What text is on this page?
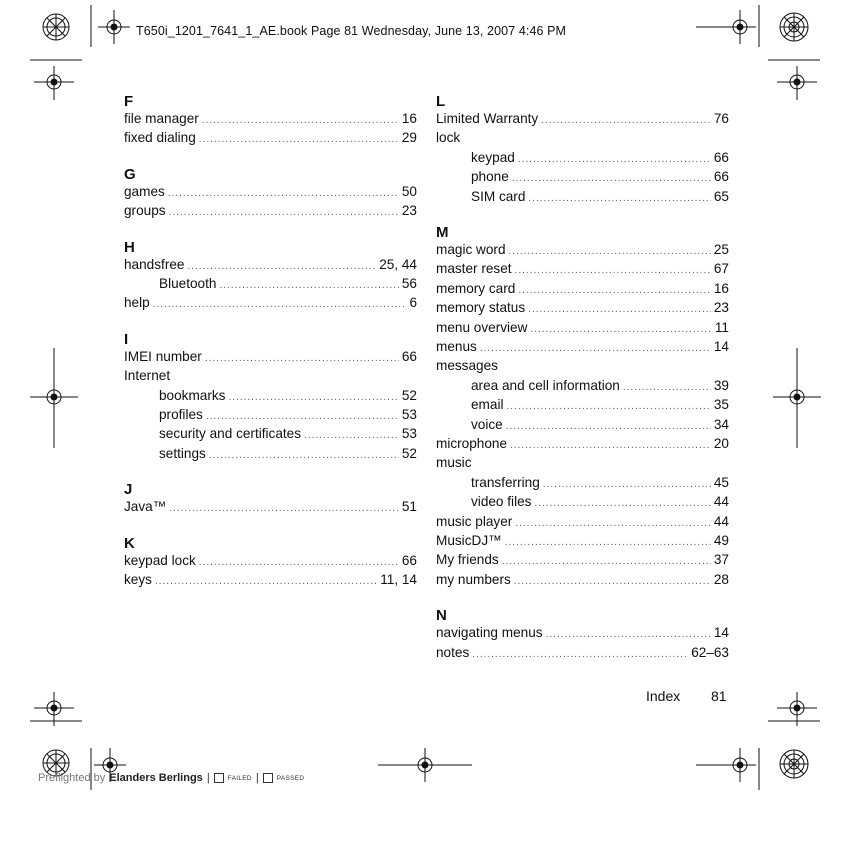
T650i_1201_7641_1_AE.book Page 81 Wednesday, June 13, 2007 4:46 PM
F
file manager .....	16
fixed dialing .....	29
G
games .....	50
groups .....	23
H
handsfree .....	25, 44
Bluetooth .....	56
help .....	6
I
IMEI number .....	66
Internet
bookmarks .....	52
profiles .....	53
security and certificates .....	53
settings .....	52
J
Java™ .....	51
K
keypad lock .....	66
keys .....	11, 14
L
Limited Warranty .....	76
lock
keypad .....	66
phone .....	66
SIM card .....	65
M
magic word .....	25
master reset .....	67
memory card .....	16
memory status .....	23
menu overview .....	11
menus .....	14
messages
area and cell information .....	39
email .....	35
voice .....	34
microphone .....	20
music
transferring .....	45
video files .....	44
music player .....	44
MusicDJ™ .....	49
My friends .....	37
my numbers .....	28
N
navigating menus .....	14
notes .....	62–63
Index 81
Preflighted by Elanders Berlings |	FAILED |	PASSED
